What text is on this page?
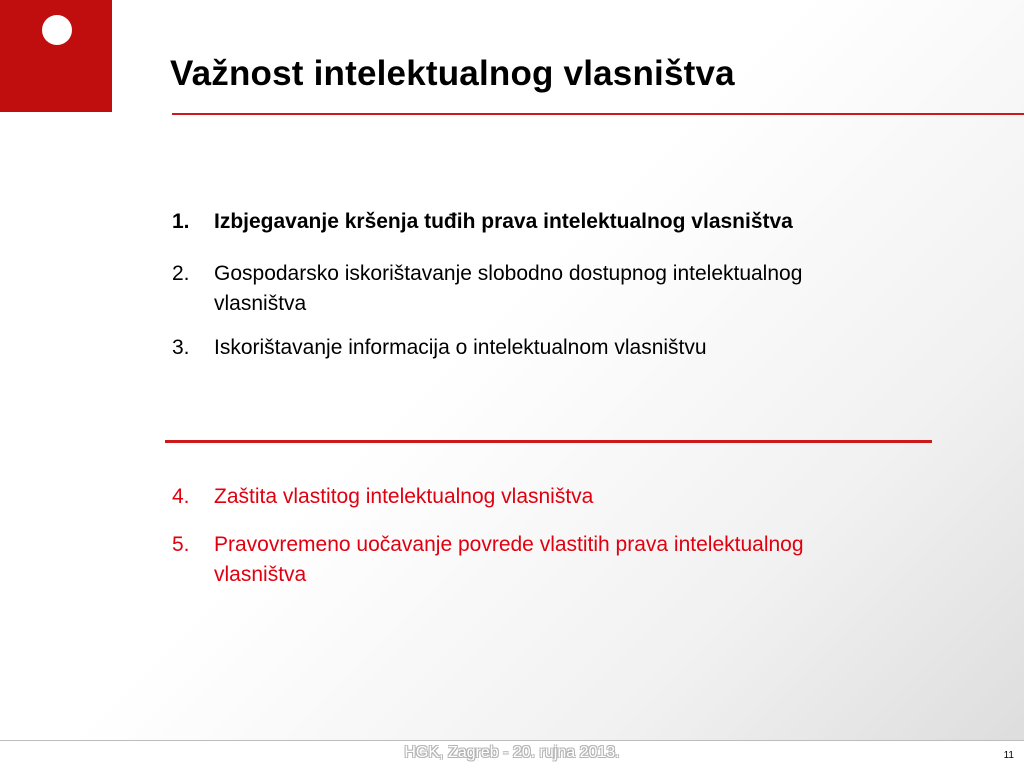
Važnost intelektualnog vlasništva
1. Izbjegavanje kršenja tuđih prava intelektualnog vlasništva
2. Gospodarsko iskorištavanje slobodno dostupnog intelektualnog vlasništva
3. Iskorištavanje informacija o intelektualnom vlasništvu
4. Zaštita vlastitog intelektualnog vlasništva
5. Pravovremeno uočavanje povrede vlastitih prava intelektualnog vlasništva
HGK, Zagreb - 20. rujna 2013.	11
